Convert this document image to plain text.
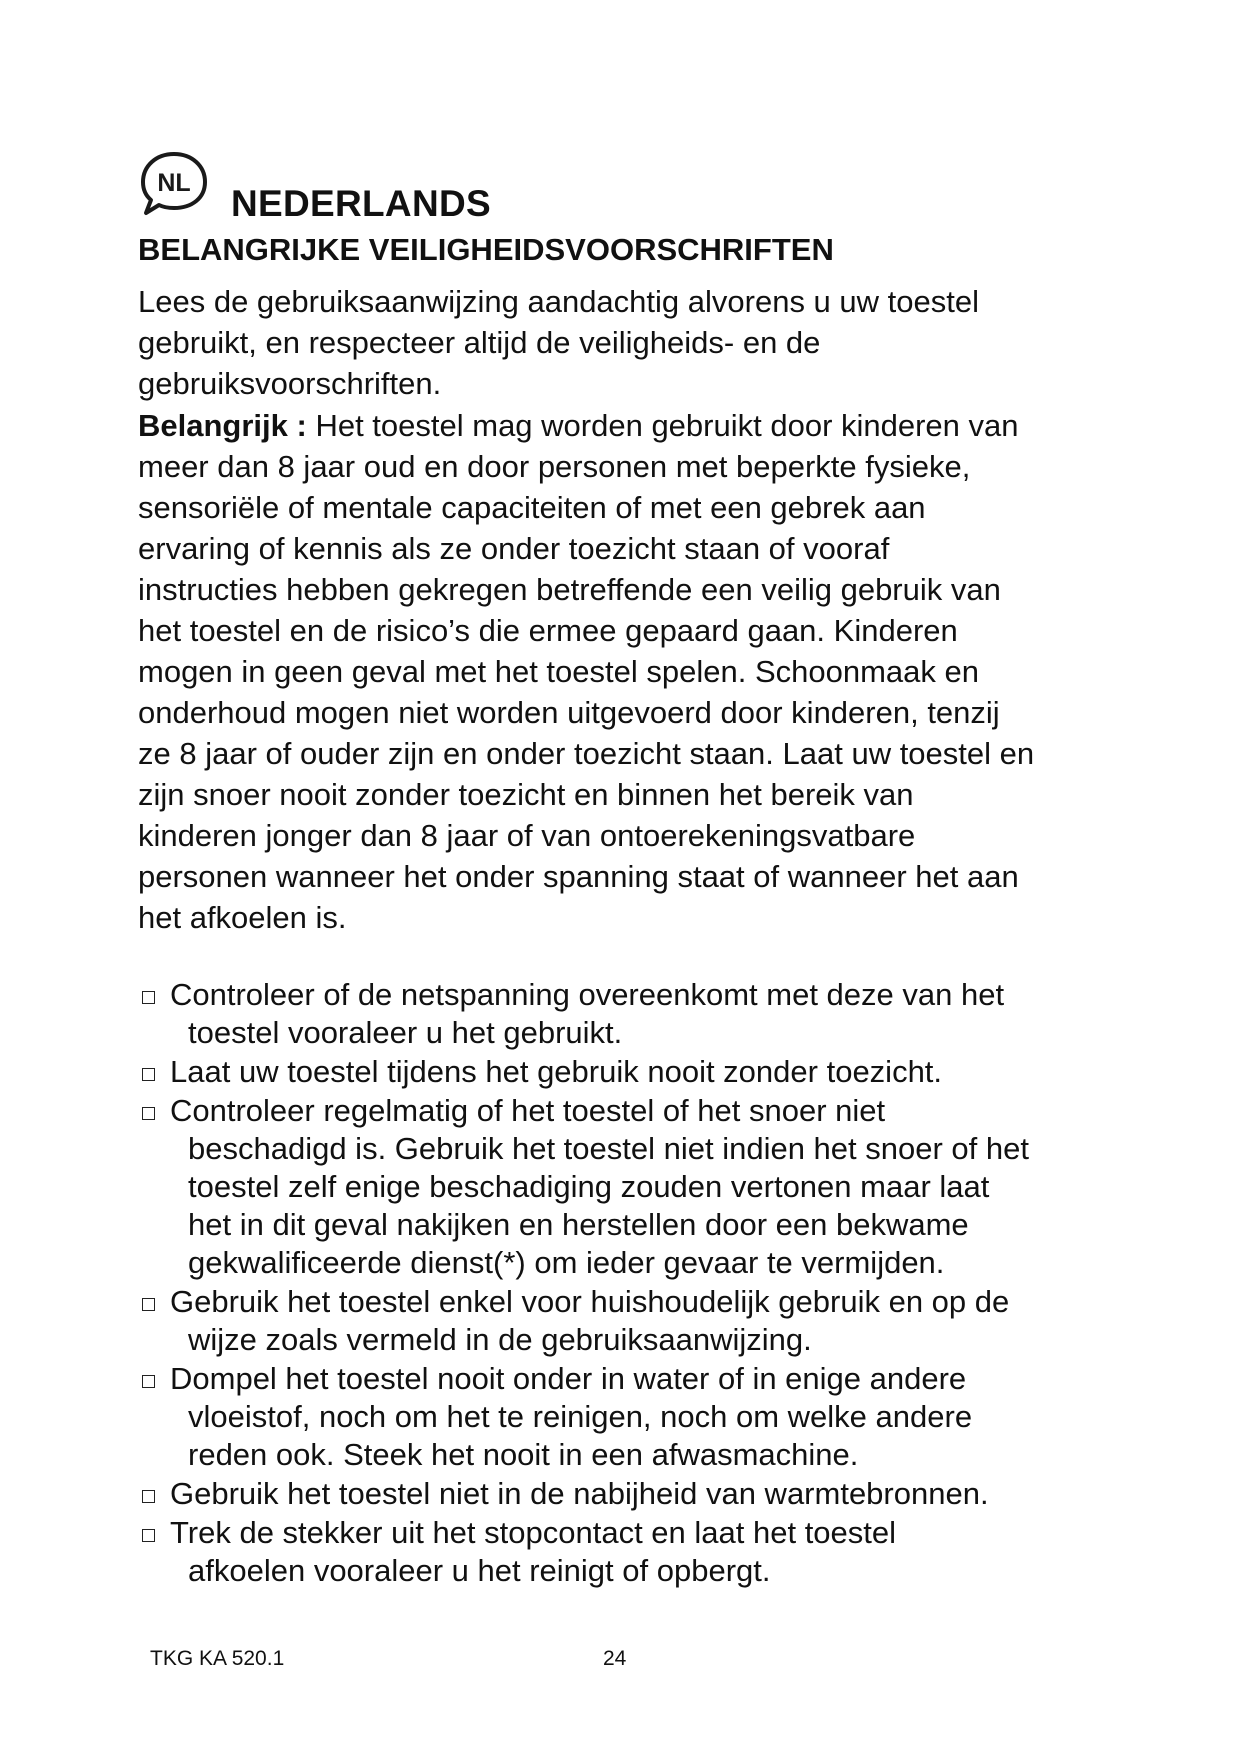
NL NEDERLANDS
BELANGRIJKE VEILIGHEIDSVOORSCHRIFTEN
Lees de gebruiksaanwijzing aandachtig alvorens u uw toestel
gebruikt, en respecteer altijd de veiligheids- en de
gebruiksvoorschriften.
Belangrijk : Het toestel mag worden gebruikt door kinderen van
meer dan 8 jaar oud en door personen met beperkte fysieke,
sensoriële of mentale capaciteiten of met een gebrek aan
ervaring of kennis als ze onder toezicht staan of vooraf
instructies hebben gekregen betreffende een veilig gebruik van
het toestel en de risico’s die ermee gepaard gaan. Kinderen
mogen in geen geval met het toestel spelen. Schoonmaak en
onderhoud mogen niet worden uitgevoerd door kinderen, tenzij
ze 8 jaar of ouder zijn en onder toezicht staan. Laat uw toestel en
zijn snoer nooit zonder toezicht en binnen het bereik van
kinderen jonger dan 8 jaar of van ontoerekeningsvatbare
personen wanneer het onder spanning staat of wanneer het aan
het afkoelen is.
Controleer of de netspanning overeenkomt met deze van het
toestel vooraleer u het gebruikt.
Laat uw toestel tijdens het gebruik nooit zonder toezicht.
Controleer regelmatig of het toestel of het snoer niet
beschadigd is. Gebruik het toestel niet indien het snoer of het
toestel zelf enige beschadiging zouden vertonen maar laat
het in dit geval nakijken en herstellen door een bekwame
gekwalificeerde dienst(*) om ieder gevaar te vermijden.
Gebruik het toestel enkel voor huishoudelijk gebruik en op de
wijze zoals vermeld in de gebruiksaanwijzing.
Dompel het toestel nooit onder in water of in enige andere
vloeistof, noch om het te reinigen, noch om welke andere
reden ook. Steek het nooit in een afwasmachine.
Gebruik het toestel niet in de nabijheid van warmtebronnen.
Trek de stekker uit het stopcontact en laat het toestel
afkoelen vooraleer u het reinigt of opbergt.
TKG KA 520.1	24
